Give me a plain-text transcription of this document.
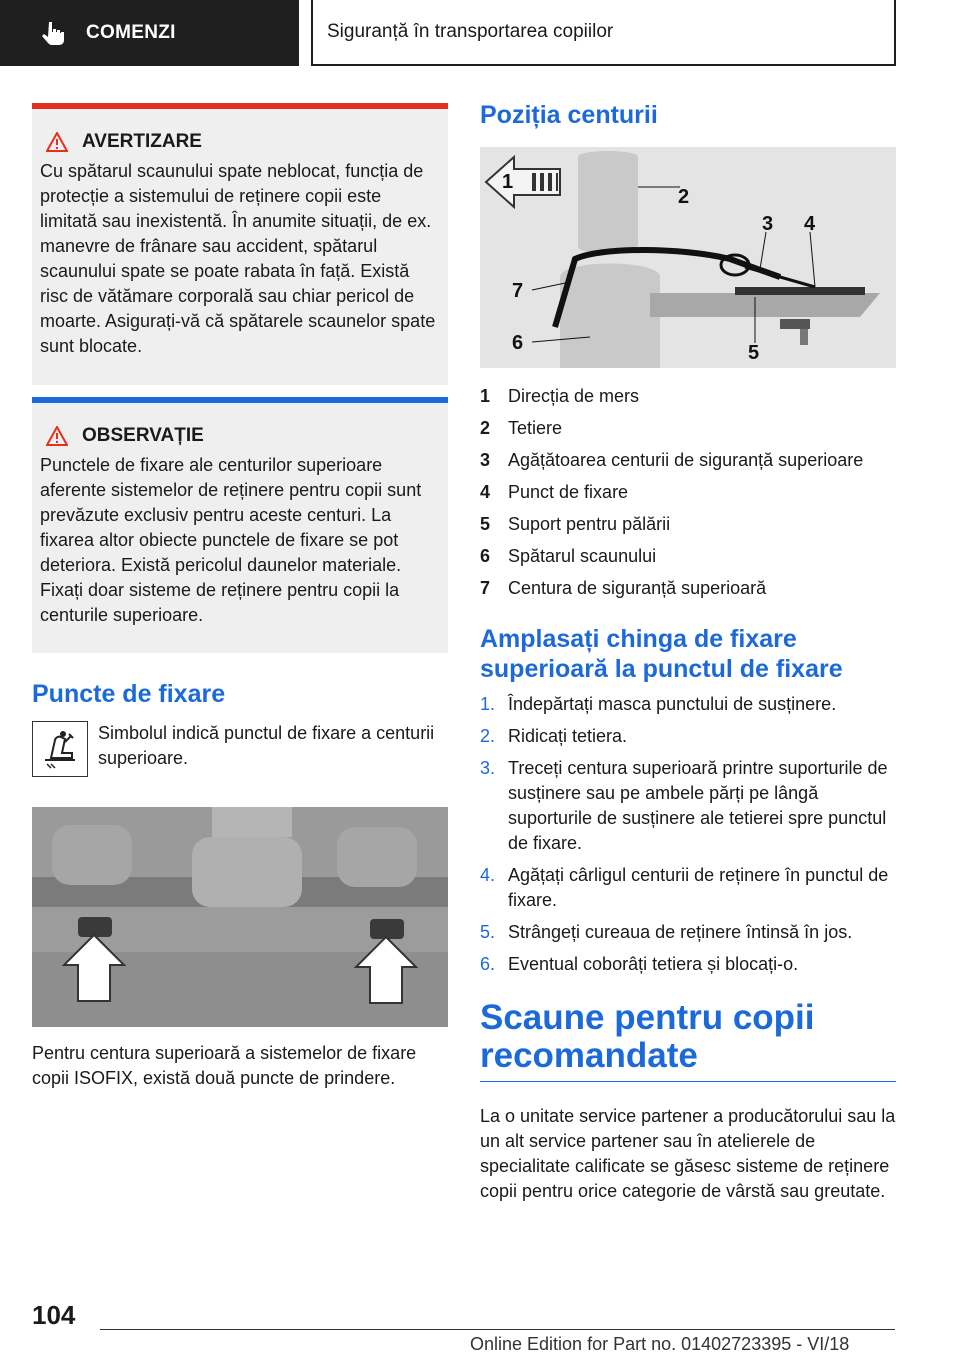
COMENZI	Siguranță în transportarea copiilor
AVERTIZARE
Cu spătarul scaunului spate neblocat, funcția de protecție a sistemului de reținere copii este limitată sau inexistentă. În anumite situații, de ex. manevre de frânare sau accident, spătarul scaunului spate se poate rabata în față. Există risc de vătămare corporală sau chiar pericol de moarte. Asigurați-vă că spătarele scaunelor spate sunt blocate.
OBSERVAȚIE
Punctele de fixare ale centurilor superioare aferente sistemelor de reținere pentru copii sunt prevăzute exclusiv pentru aceste centuri. La fixarea altor obiecte punctele de fixare se pot deteriora. Există pericolul daunelor materiale. Fixați doar sisteme de reținere pentru copii la centurile superioare.
Puncte de fixare
Simbolul indică punctul de fixare a centurii superioare.
Pentru centura superioară a sistemelor de fixare copii ISOFIX, există două puncte de prindere.
Poziția centurii
1
2
3 4
5
6
7
1 Direcția de mers
2 Tetiere
3 Agățătoarea centurii de siguranță superioare
4 Punct de fixare
5 Suport pentru pălării
6 Spătarul scaunului
7 Centura de siguranță superioară
Amplasați chinga de fixare superioară la punctul de fixare
1. Îndepărtați masca punctului de susținere.
2. Ridicați tetiera.
3. Treceți centura superioară printre suporturile de susținere sau pe ambele părți pe lângă suporturile de susținere ale tetierei spre punctul de fixare.
4. Agățați cârligul centurii de reținere în punctul de fixare.
5. Strângeți cureaua de reținere întinsă în jos.
6. Eventual coborâți tetiera și blocați-o.
Scaune pentru copii recomandate
La o unitate service partener a producătorului sau la un alt service partener sau în atelierele de specialitate calificate se găsesc sisteme de reținere copii pentru orice categorie de vârstă sau greutate.
104
Online Edition for Part no. 01402723395 - VI/18
